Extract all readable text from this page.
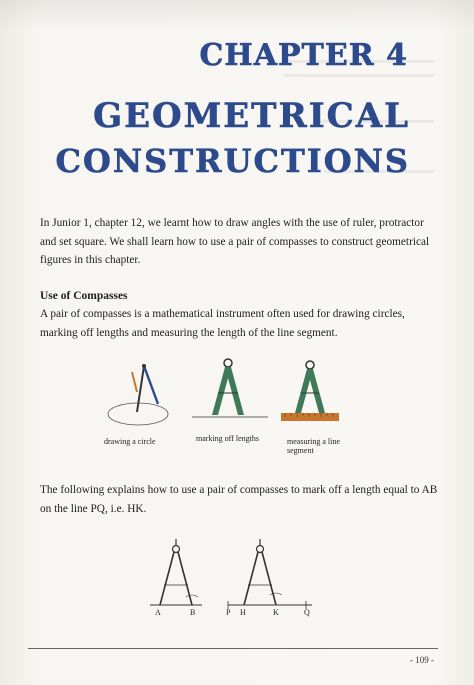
CHAPTER 4
GEOMETRICAL
CONSTRUCTIONS

In Junior 1, chapter 12, we learnt how to draw angles with the use of ruler, protractor and set square. We shall learn how to use a pair of compasses to construct geometrical figures in this chapter.

Use of Compasses

A pair of compasses is a mathematical instrument often used for drawing circles, marking off lengths and measuring the length of the line segment.

drawing a circle	marking off lengths	measuring a line segment

The following explains how to use a pair of compasses to mark off a length equal to AB on the line PQ, i.e. HK.

A	B	P H	K	Q
- 109 -
